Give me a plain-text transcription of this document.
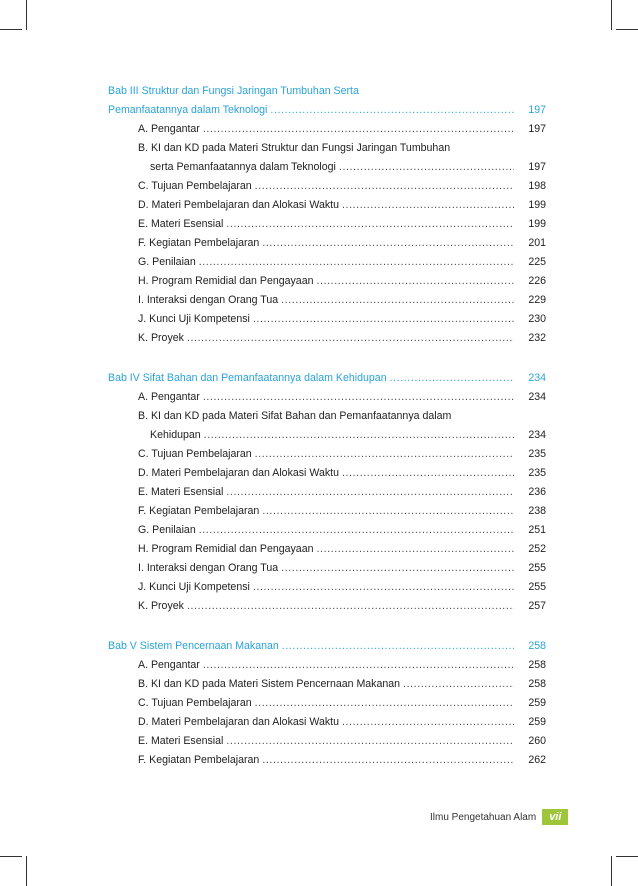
Bab III Struktur dan Fungsi Jaringan Tumbuhan Serta
Pemanfaatannya dalam Teknologi .....	197
A. Pengantar .....	197
B. KI dan KD pada Materi Struktur dan Fungsi Jaringan Tumbuhan
serta Pemanfaatannya dalam Teknologi .....	197
C. Tujuan Pembelajaran .....	198
D. Materi Pembelajaran dan Alokasi Waktu .....	199
E. Materi Esensial .....	199
F. Kegiatan Pembelajaran .....	201
G. Penilaian .....	225
H. Program Remidial dan Pengayaan .....	226
I. Interaksi dengan Orang Tua .....	229
J. Kunci Uji Kompetensi .....	230
K. Proyek .....	232
Bab IV Sifat Bahan dan Pemanfaatannya dalam Kehidupan .....	234
A. Pengantar .....	234
B. KI dan KD pada Materi Sifat Bahan dan Pemanfaatannya dalam
Kehidupan .....	234
C. Tujuan Pembelajaran .....	235
D. Materi Pembelajaran dan Alokasi Waktu .....	235
E. Materi Esensial .....	236
F. Kegiatan Pembelajaran .....	238
G. Penilaian .....	251
H. Program Remidial dan Pengayaan .....	252
I. Interaksi dengan Orang Tua .....	255
J. Kunci Uji Kompetensi .....	255
K. Proyek .....	257
Bab V Sistem Pencernaan Makanan .....	258
A. Pengantar .....	258
B. KI dan KD pada Materi Sistem Pencernaan Makanan .....	258
C. Tujuan Pembelajaran .....	259
D. Materi Pembelajaran dan Alokasi Waktu .....	259
E. Materi Esensial .....	260
F. Kegiatan Pembelajaran .....	262
Ilmu Pengetahuan Alam	vii
